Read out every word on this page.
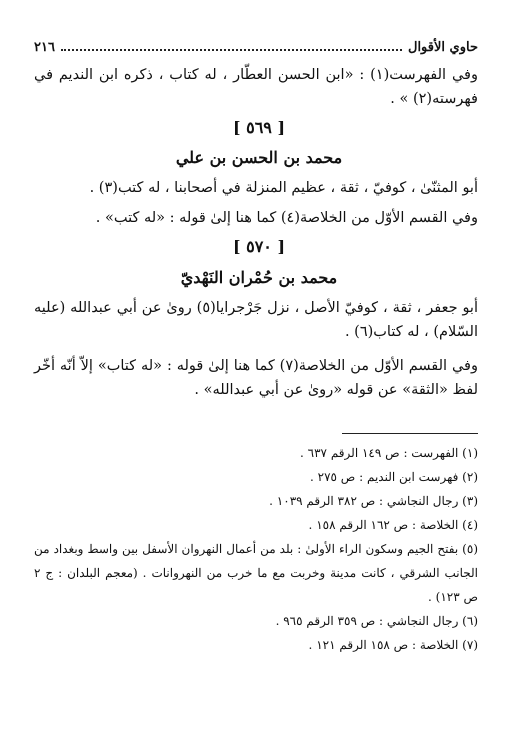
حاوي الأقوال
٢١٦
وفي الفهرست(١) : «ابن الحسن العطّار ، له كتاب ، ذكره ابن النديم في فهرسته(٢) » .
[ ٥٦٩ ]
محمد بن الحسن بن علي
أبو المثنّىٰ ، كوفيّ ، ثقة ، عظيم المنزلة في أصحابنا ، له كتب(٣) .
وفي القسم الأوّل من الخلاصة(٤) كما هنا إلىٰ قوله : «له كتب» .
[ ٥٧٠ ]
محمد بن حُمْران النَهْديّ
أبو جعفر ، ثقة ، كوفيّ الأصل ، نزل جَرْجرايا(٥) روىٰ عن أبي عبدالله (عليه السّلام) ، له كتاب(٦) .
وفي القسم الأوّل من الخلاصة(٧) كما هنا إلىٰ قوله : «له كتاب» إلاّ أنّه أخّر لفظ «الثقة» عن قوله «روىٰ عن أبي عبدالله» .

(١) الفهرست : ص ١٤٩ الرقم ٦٣٧ .

(٢) فهرست ابن النديم : ص ٢٧٥ .

(٣) رجال النجاشي : ص ٣٨٢ الرقم ١٠٣٩ .

(٤) الخلاصة : ص ١٦٢ الرقم ١٥٨ .

(٥) بفتح الجيم وسكون الراء الأولىٰ : بلد من أعمال النهروان الأسفل بين واسط وبغداد من الجانب الشرقي ، كانت مدينة وخربت مع ما خرب من النهروانات . (معجم البلدان : ج ٢ ص ١٢٣) .

(٦) رجال النجاشي : ص ٣٥٩ الرقم ٩٦٥ .

(٧) الخلاصة : ص ١٥٨ الرقم ١٢١ .
